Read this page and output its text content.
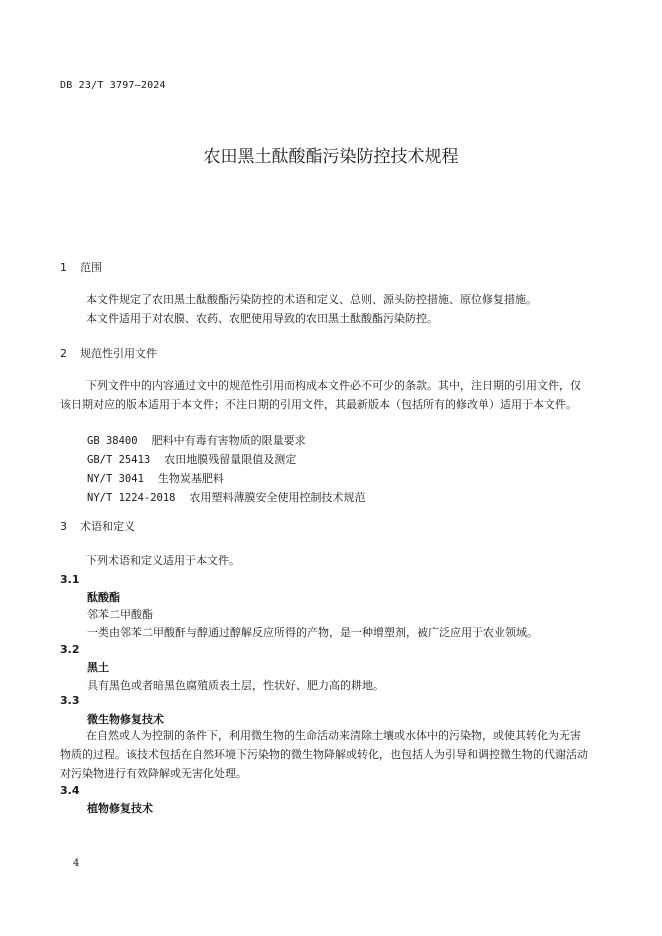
DB 23/T 3797—2024
农田黑土酞酸酯污染防控技术规程
1 范围

本文件规定了农田黑土酞酸酯污染防控的术语和定义、总则、源头防控措施、原位修复措施。

本文件适用于对农膜、农药、农肥使用导致的农田黑土酞酸酯污染防控。

2 规范性引用文件

下列文件中的内容通过文中的规范性引用而构成本文件必不可少的条款。其中，注日期的引用文件，仅该日期对应的版本适用于本文件；不注日期的引用文件，其最新版本（包括所有的修改单）适用于本文件。

GB 38400 肥料中有毒有害物质的限量要求
GB/T 25413 农田地膜残留量限值及测定
NY/T 3041 生物炭基肥料
NY/T 1224-2018 农用塑料薄膜安全使用控制技术规范
3 术语和定义

下列术语和定义适用于本文件。

3.1
酞酸酯
邻苯二甲酸酯
一类由邻苯二甲酸酐与醇通过醇解反应所得的产物，是一种增塑剂，被广泛应用于农业领域。
3.2
黑土
具有黑色或者暗黑色腐殖质表土层，性状好、肥力高的耕地。
3.3
微生物修复技术

在自然或人为控制的条件下，利用微生物的生命活动来清除土壤或水体中的污染物，或使其转化为无害物质的过程。该技术包括在自然环境下污染物的微生物降解或转化，也包括人为引导和调控微生物的代谢活动对污染物进行有效降解或无害化处理。

3.4
植物修复技术
4
